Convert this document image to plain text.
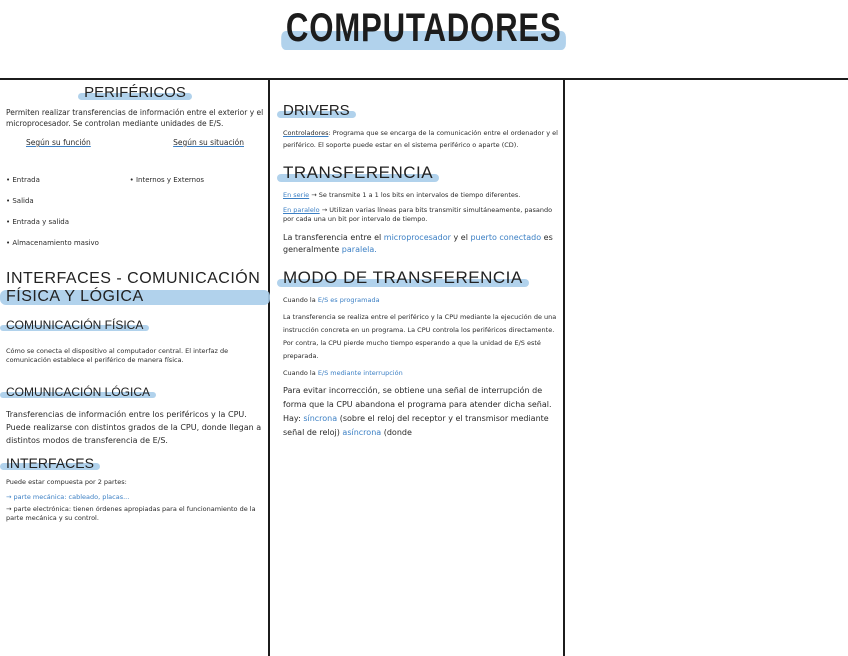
COMPUTADORES
PERIFÉRICOS

Permiten realizar transferencias de información entre el exterior y el microprocesador. Se controlan mediante unidades de E/S.

Según su función	Según su situación
• Entrada
• Salida
• Entrada y salida
• Almacenamiento masivo
• Internos y Externos
INTERFACES - COMUNICACIÓN FÍSICA Y LÓGICA
COMUNICACIÓN FÍSICA

Cómo se conecta el dispositivo al computador central. El interfaz de comunicación establece el periférico de manera física.

COMUNICACIÓN LÓGICA

Transferencias de información entre los periféricos y la CPU. Puede realizarse con distintos grados de la CPU, donde llegan a distintos modos de transferencia de E/S.

INTERFACES

Puede estar compuesta por 2 partes:

→ parte mecánica: cableado, placas...

→ parte electrónica: tienen órdenes apropiadas para el funcionamiento de la parte mecánica y su control.

DRIVERS

Controladores: Programa que se encarga de la comunicación entre el ordenador y el periférico. El soporte puede estar en el sistema periférico o aparte (CD).

TRANSFERENCIA

En serie → Se transmite 1 a 1 los bits en intervalos de tiempo diferentes.

En paralelo → Utilizan varias líneas para bits transmitir simultáneamente, pasando por cada una un bit por intervalo de tiempo.

La transferencia entre el microprocesador y el puerto conectado es generalmente paralela.

MODO DE TRANSFERENCIA

Cuando la E/S es programada

La transferencia se realiza entre el periférico y la CPU mediante la ejecución de una instrucción concreta en un programa. La CPU controla los periféricos directamente. Por contra, la CPU pierde mucho tiempo esperando a que la unidad de E/S esté preparada.

Cuando la E/S mediante interrupción

Para evitar incorrección, se obtiene una señal de interrupción de forma que la CPU abandona el programa para atender dicha señal. Hay: síncrona (sobre el reloj del receptor y el transmisor mediante señal de reloj) asíncrona (donde
